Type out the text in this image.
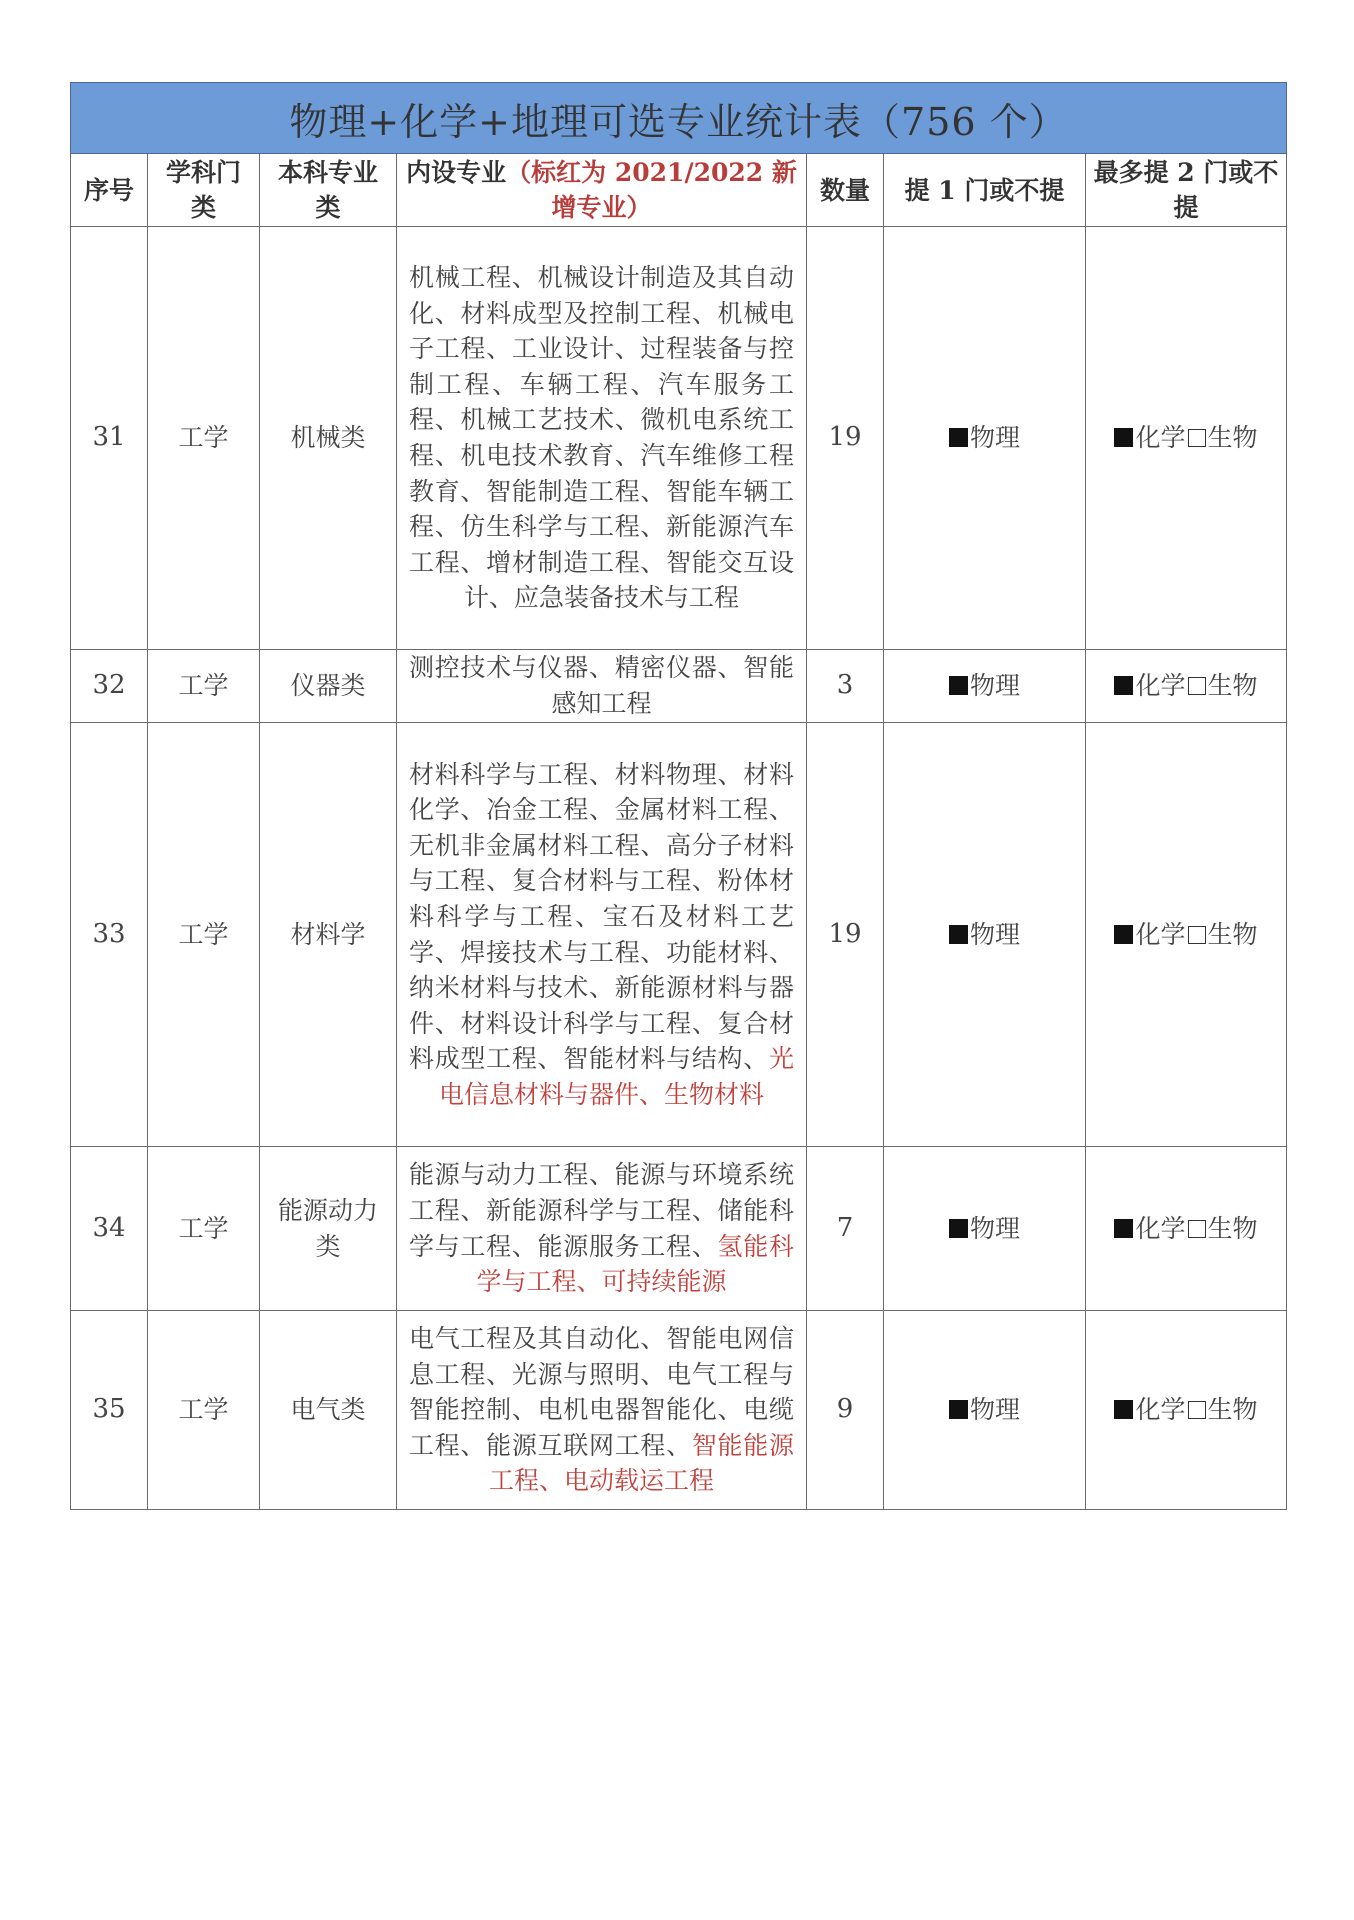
物理+化学+地理可选专业统计表（756 个）						
序号	学科门类	本科专业类	内设专业（标红为 2021/2022 新增专业）	数量	提 1 门或不提	最多提 2 门或不提
31	工学	机械类	机械工程、机械设计制造及其自动化、材料成型及控制工程、机械电子工程、工业设计、过程装备与控制工程、车辆工程、汽车服务工程、机械工艺技术、微机电系统工程、机电技术教育、汽车维修工程教育、智能制造工程、智能车辆工程、仿生科学与工程、新能源汽车工程、增材制造工程、智能交互设计、应急装备技术与工程	19	物理	化学 生物
32	工学	仪器类	测控技术与仪器、精密仪器、智能感知工程	3	物理	化学 生物
33	工学	材料学	材料科学与工程、材料物理、材料化学、冶金工程、金属材料工程、无机非金属材料工程、高分子材料与工程、复合材料与工程、粉体材料科学与工程、宝石及材料工艺学、焊接技术与工程、功能材料、纳米材料与技术、新能源材料与器件、材料设计科学与工程、复合材料成型工程、智能材料与结构、光电信息材料与器件、生物材料	19	物理	化学 生物
34	工学	能源动力类	能源与动力工程、能源与环境系统工程、新能源科学与工程、储能科学与工程、能源服务工程、氢能科学与工程、可持续能源	7	物理	化学 生物
35	工学	电气类	电气工程及其自动化、智能电网信息工程、光源与照明、电气工程与智能控制、电机电器智能化、电缆工程、能源互联网工程、智能能源工程、电动载运工程	9	物理	化学 生物
